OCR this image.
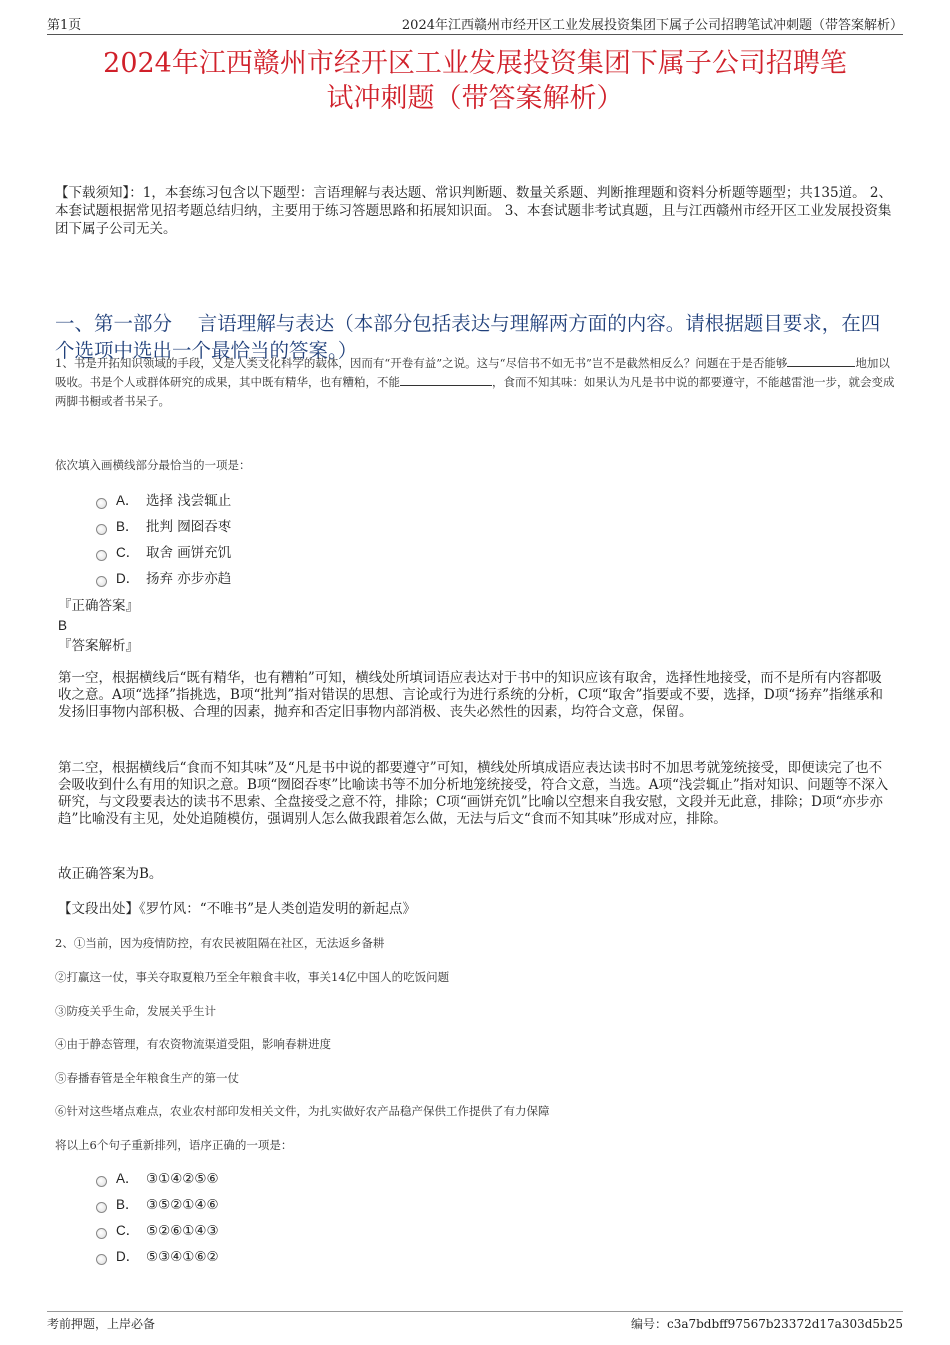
第1页	2024年江西赣州市经开区工业发展投资集团下属子公司招聘笔试冲刺题（带答案解析）
2024年江西赣州市经开区工业发展投资集团下属子公司招聘笔
试冲刺题（带答案解析）
【下载须知】：1，本套练习包含以下题型：言语理解与表达题、常识判断题、数量关系题、判断推理题和资料分析题等题型；共135道。 2、本套试题根据常见招考题总结归纳，主要用于练习答题思路和拓展知识面。 3、本套试题非考试真题，且与江西赣州市经开区工业发展投资集团下属子公司无关。
一、第一部分　 言语理解与表达（本部分包括表达与理解两方面的内容。请根据题目要求，在四个选项中选出一个最恰当的答案。）
1、书是开拓知识领域的手段，又是人类文化科学的载体，因而有“开卷有益”之说。这与“尽信书不如无书”岂不是截然相反么？问题在于是否能够	地加以吸收。书是个人或群体研究的成果，其中既有精华，也有糟粕，不能	，食而不知其味：如果认为凡是书中说的都要遵守，不能越雷池一步，就会变成两脚书橱或者书呆子。
依次填入画横线部分最恰当的一项是：
A． 选择 浅尝辄止
B． 批判 囫囵吞枣
C． 取舍 画饼充饥
D． 扬弃 亦步亦趋
『正确答案』
B
『答案解析』
第一空，根据横线后“既有精华，也有糟粕”可知，横线处所填词语应表达对于书中的知识应该有取舍，选择性地接受，而不是所有内容都吸收之意。A项“选择”指挑选，B项“批判”指对错误的思想、言论或行为进行系统的分析，C项“取舍”指要或不要，选择，D项“扬弃”指继承和发扬旧事物内部积极、合理的因素，抛弃和否定旧事物内部消极、丧失必然性的因素，均符合文意，保留。
第二空，根据横线后“食而不知其味”及“凡是书中说的都要遵守”可知，横线处所填成语应表达读书时不加思考就笼统接受，即便读完了也不会吸收到什么有用的知识之意。B项“囫囵吞枣”比喻读书等不加分析地笼统接受，符合文意，当选。A项“浅尝辄止”指对知识、问题等不深入研究，与文段要表达的读书不思索、全盘接受之意不符，排除；C项“画饼充饥”比喻以空想来自我安慰，文段并无此意，排除；D项“亦步亦趋”比喻没有主见，处处追随模仿，强调别人怎么做我跟着怎么做，无法与后文“食而不知其味”形成对应，排除。
故正确答案为B。
【文段出处】《罗竹风：“不唯书”是人类创造发明的新起点》
2、①当前，因为疫情防控，有农民被阻隔在社区，无法返乡备耕
②打赢这一仗，事关夺取夏粮乃至全年粮食丰收，事关14亿中国人的吃饭问题
③防疫关乎生命，发展关乎生计
④由于静态管理，有农资物流渠道受阻，影响春耕进度
⑤春播春管是全年粮食生产的第一仗
⑥针对这些堵点难点，农业农村部印发相关文件，为扎实做好农产品稳产保供工作提供了有力保障
将以上6个句子重新排列，语序正确的一项是：
A． ③①④②⑤⑥
B． ③⑤②①④⑥
C． ⑤②⑥①④③
D． ⑤③④①⑥②
考前押题，上岸必备	编号：c3a7bdbff97567b23372d17a303d5b25
